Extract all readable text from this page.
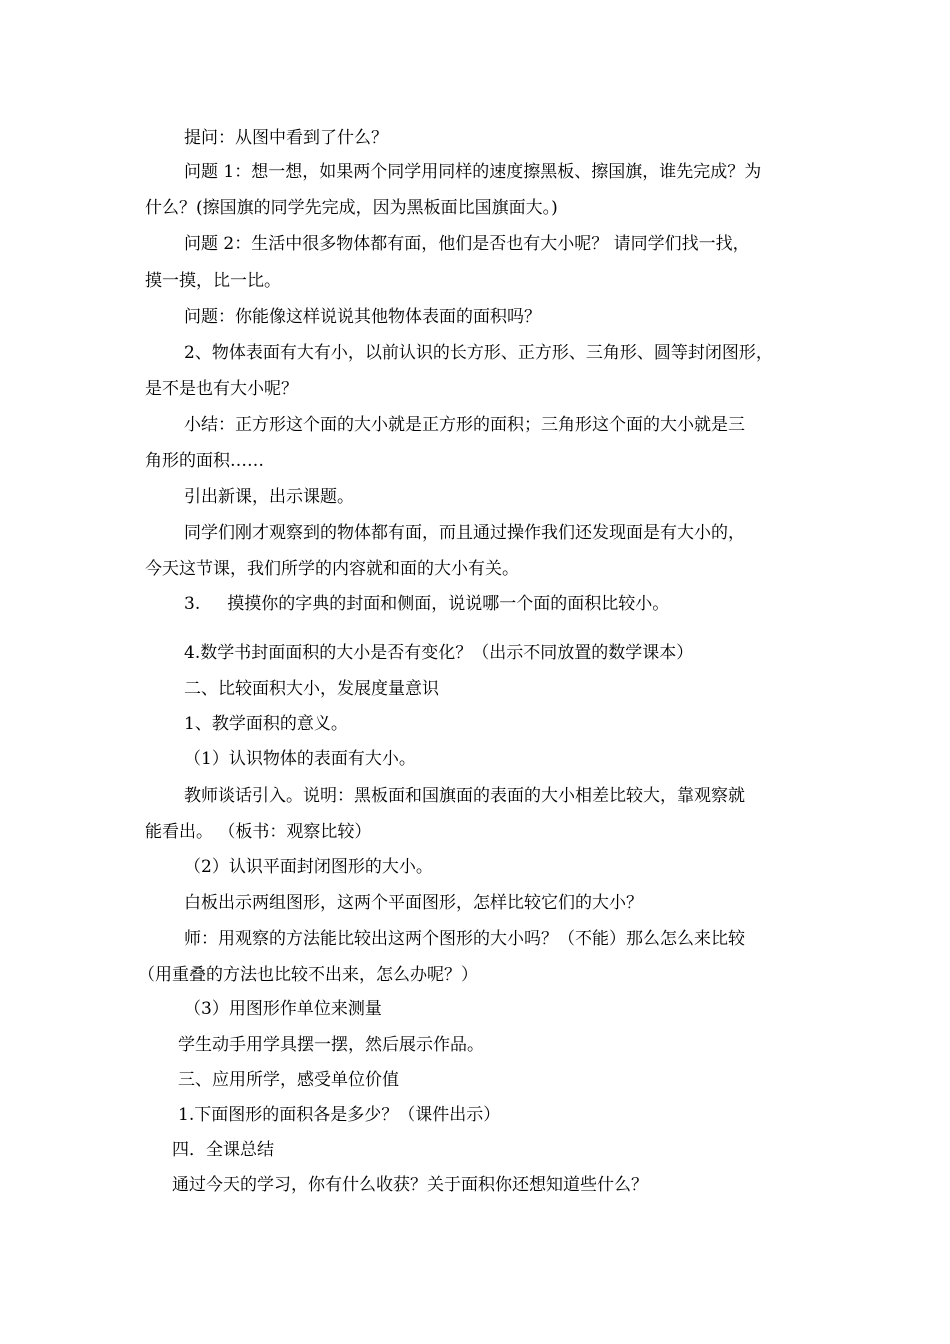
提问：从图中看到了什么？
问题 1：想一想，如果两个同学用同样的速度擦黑板、擦国旗，谁先完成？为
什么？(擦国旗的同学先完成，因为黑板面比国旗面大。)
问题 2：生活中很多物体都有面，他们是否也有大小呢？ 请同学们找一找，
摸一摸，比一比。
问题：你能像这样说说其他物体表面的面积吗？
2、物体表面有大有小，以前认识的长方形、正方形、三角形、圆等封闭图形，
是不是也有大小呢？
小结：正方形这个面的大小就是正方形的面积；三角形这个面的大小就是三
角形的面积……
引出新课，出示课题。
同学们刚才观察到的物体都有面，而且通过操作我们还发现面是有大小的，
今天这节课，我们所学的内容就和面的大小有关。
3.     摸摸你的字典的封面和侧面，说说哪一个面的面积比较小。
4.数学书封面面积的大小是否有变化？（出示不同放置的数学课本）
二、比较面积大小，发展度量意识
1、教学面积的意义。
（1）认识物体的表面有大小。
教师谈话引入。说明：黑板面和国旗面的表面的大小相差比较大，靠观察就
能看出。 （板书：观察比较）
（2）认识平面封闭图形的大小。
白板出示两组图形，这两个平面图形，怎样比较它们的大小？
师：用观察的方法能比较出这两个图形的大小吗？（不能）那么怎么来比较
（用重叠的方法也比较不出来，怎么办呢？）
（3）用图形作单位来测量
学生动手用学具摆一摆，然后展示作品。
三、应用所学，感受单位价值
1.下面图形的面积各是多少？（课件出示）
四．全课总结
通过今天的学习，你有什么收获？关于面积你还想知道些什么？
